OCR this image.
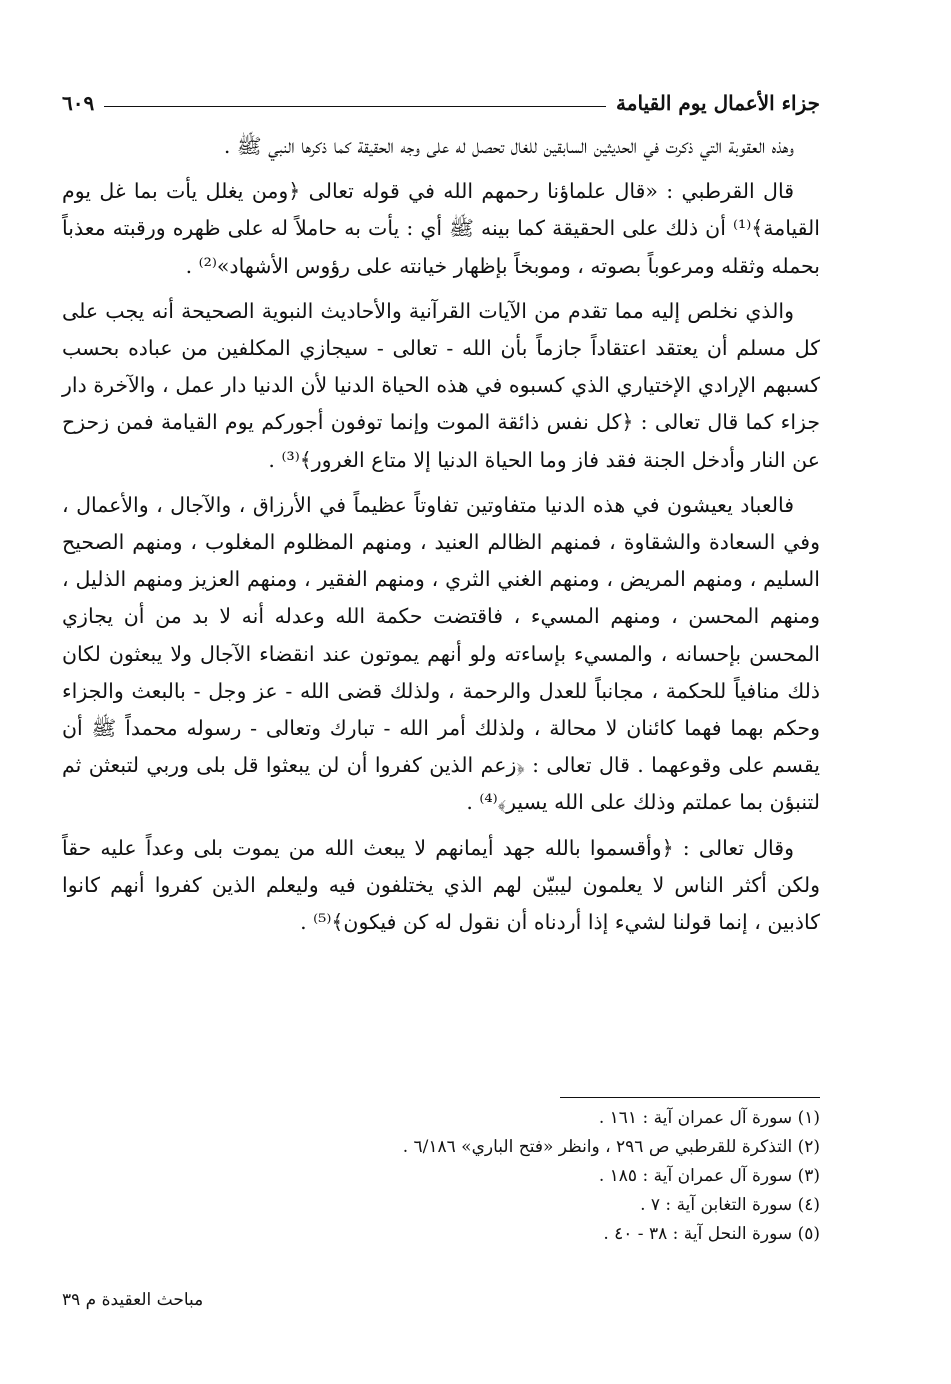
جزاء الأعمال يوم القيامة
٦٠٩

وهذه العقوبة التي ذكرت في الحديثين السابقين للغال تحصل له على وجه الحقيقة كما ذكرها النبي ﷺ .

قال القرطبي : «قال علماؤنا رحمهم الله في قوله تعالى ﴿ومن يغلل يأت بما غل يوم القيامة﴾⁽¹⁾ أن ذلك على الحقيقة كما بينه ﷺ أي : يأت به حاملاً له على ظهره ورقبته معذباً بحمله وثقله ومرعوباً بصوته ، وموبخاً بإظهار خيانته على رؤوس الأشهاد»⁽²⁾ .

والذي نخلص إليه مما تقدم من الآيات القرآنية والأحاديث النبوية الصحيحة أنه يجب على كل مسلم أن يعتقد اعتقاداً جازماً بأن الله - تعالى - سيجازي المكلفين من عباده بحسب كسبهم الإرادي الإختياري الذي كسبوه في هذه الحياة الدنيا لأن الدنيا دار عمل ، والآخرة دار جزاء كما قال تعالى : ﴿كل نفس ذائقة الموت وإنما توفون أجوركم يوم القيامة فمن زحزح عن النار وأدخل الجنة فقد فاز وما الحياة الدنيا إلا متاع الغرور﴾⁽³⁾ .

فالعباد يعيشون في هذه الدنيا متفاوتين تفاوتاً عظيماً في الأرزاق ، والآجال ، والأعمال ، وفي السعادة والشقاوة ، فمنهم الظالم العنيد ، ومنهم المظلوم المغلوب ، ومنهم الصحيح السليم ، ومنهم المريض ، ومنهم الغني الثري ، ومنهم الفقير ، ومنهم العزيز ومنهم الذليل ، ومنهم المحسن ، ومنهم المسيء ، فاقتضت حكمة الله وعدله أنه لا بد من أن يجازي المحسن بإحسانه ، والمسيء بإساءته ولو أنهم يموتون عند انقضاء الآجال ولا يبعثون لكان ذلك منافياً للحكمة ، مجانباً للعدل والرحمة ، ولذلك قضى الله - عز وجل - بالبعث والجزاء وحكم بهما فهما كائنان لا محالة ، ولذلك أمر الله - تبارك وتعالى - رسوله محمداً ﷺ أن يقسم على وقوعهما . قال تعالى : ﴿زعم الذين كفروا أن لن يبعثوا قل بلى وربي لتبعثن ثم لتنبؤن بما عملتم وذلك على الله يسير﴾⁽⁴⁾ .

وقال تعالى : ﴿وأقسموا بالله جهد أيمانهم لا يبعث الله من يموت بلى وعداً عليه حقاً ولكن أكثر الناس لا يعلمون ليبيّن لهم الذي يختلفون فيه وليعلم الذين كفروا أنهم كانوا كاذبين ، إنما قولنا لشيء إذا أردناه أن نقول له كن فيكون﴾⁽⁵⁾ .

(١) سورة آل عمران آية : ١٦١ .

(٢) التذكرة للقرطبي ص ٢٩٦ ، وانظر «فتح الباري» ٦/١٨٦ .

(٣) سورة آل عمران آية : ١٨٥ .

(٤) سورة التغابن آية : ٧ .

(٥) سورة النحل آية : ٣٨ - ٤٠ .

مباحث العقيدة م ٣٩
